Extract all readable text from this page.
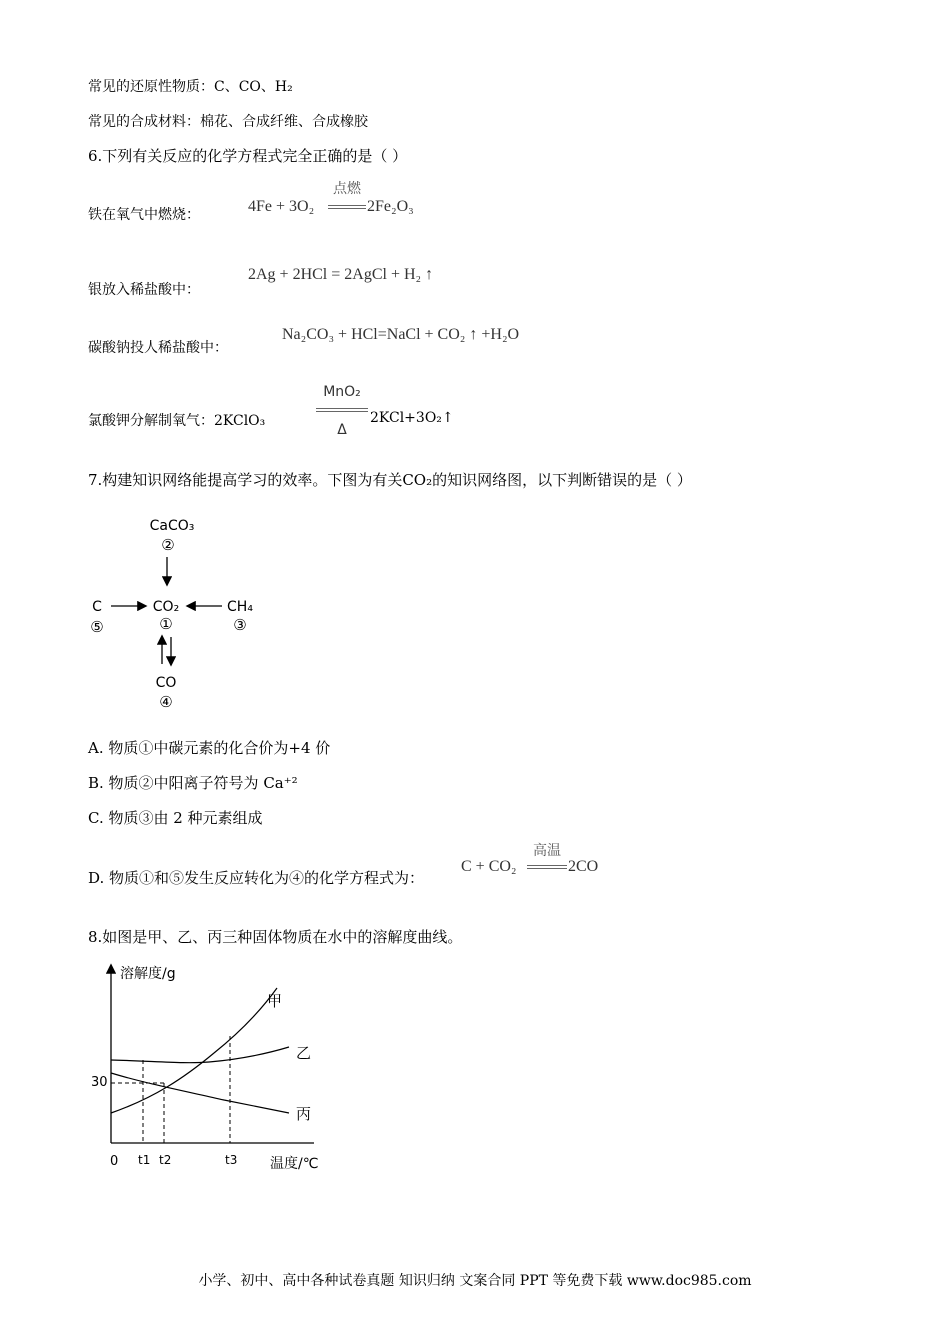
常见的还原性物质：C、CO、H₂
常见的合成材料：棉花、合成纤维、合成橡胶
6.下列有关反应的化学方程式完全正确的是（ ）
铁在氧气中燃烧：	4Fe + 3O₂
点燃
2Fe₂O₃
银放入稀盐酸中：
2Ag + 2HCl = 2AgCl + H₂ ↑
碳酸钠投人稀盐酸中：
Na₂CO₃ + HCl=NaCl + CO₂ ↑ +H₂O
氯酸钾分解制氧气：2KClO₃
MnO₂
Δ
2KCl+3O₂↑
7.构建知识网络能提高学习的效率。下图为有关CO₂的知识网络图，以下判断错误的是（ ）
CaCO₃
②
C
⑤
CO₂
①
CH₄
③
CO
④
A. 物质①中碳元素的化合价为+4 价
B. 物质②中阳离子符号为 Ca⁺²
C. 物质③由 2 种元素组成
D. 物质①和⑤发生反应转化为④的化学方程式为：
C + CO₂
高温
2CO
8.如图是甲、乙、丙三种固体物质在水中的溶解度曲线。
溶解度/g
温度/℃
0
30
t1 t2	t3
甲
乙
丙
小学、初中、高中各种试卷真题 知识归纳 文案合同 PPT 等免费下载 www.doc985.com
